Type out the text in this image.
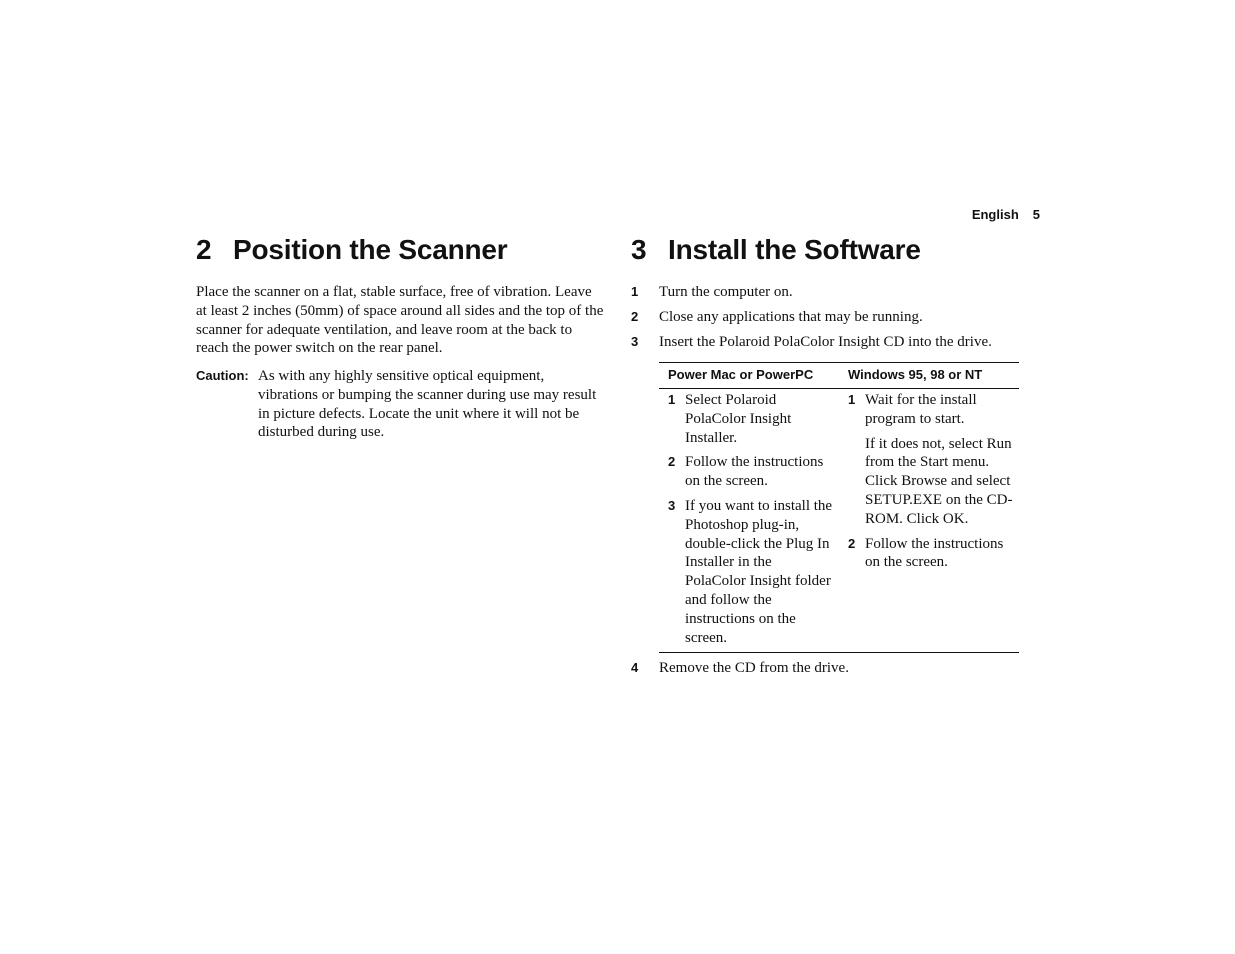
English 5
2 Position the Scanner

Place the scanner on a flat, stable surface, free of vibration. Leave at least 2 inches (50mm) of space around all sides and the top of the scanner for adequate ventilation, and leave room at the back to reach the power switch on the rear panel.

Caution: As with any highly sensitive optical equipment, vibrations or bumping the scanner during use may result in picture defects. Locate the unit where it will not be disturbed during use.

3 Install the Software
1 Turn the computer on.
2 Close any applications that may be running.
3 Insert the Polaroid PolaColor Insight CD into the drive.
Power Mac or PowerPC	Windows 95, 98 or NT
1 Select Polaroid PolaColor Insight Installer.

2 Follow the instructions on the screen.

3 If you want to install the Photoshop plug-in, double-click the Plug In Installer in the PolaColor Insight folder and follow the instructions on the screen.

1 Wait for the install program to start.

If it does not, select Run from the Start menu. Click Browse and select SETUP.EXE on the CD-ROM. Click OK.

2 Follow the instructions on the screen.

4 Remove the CD from the drive.
